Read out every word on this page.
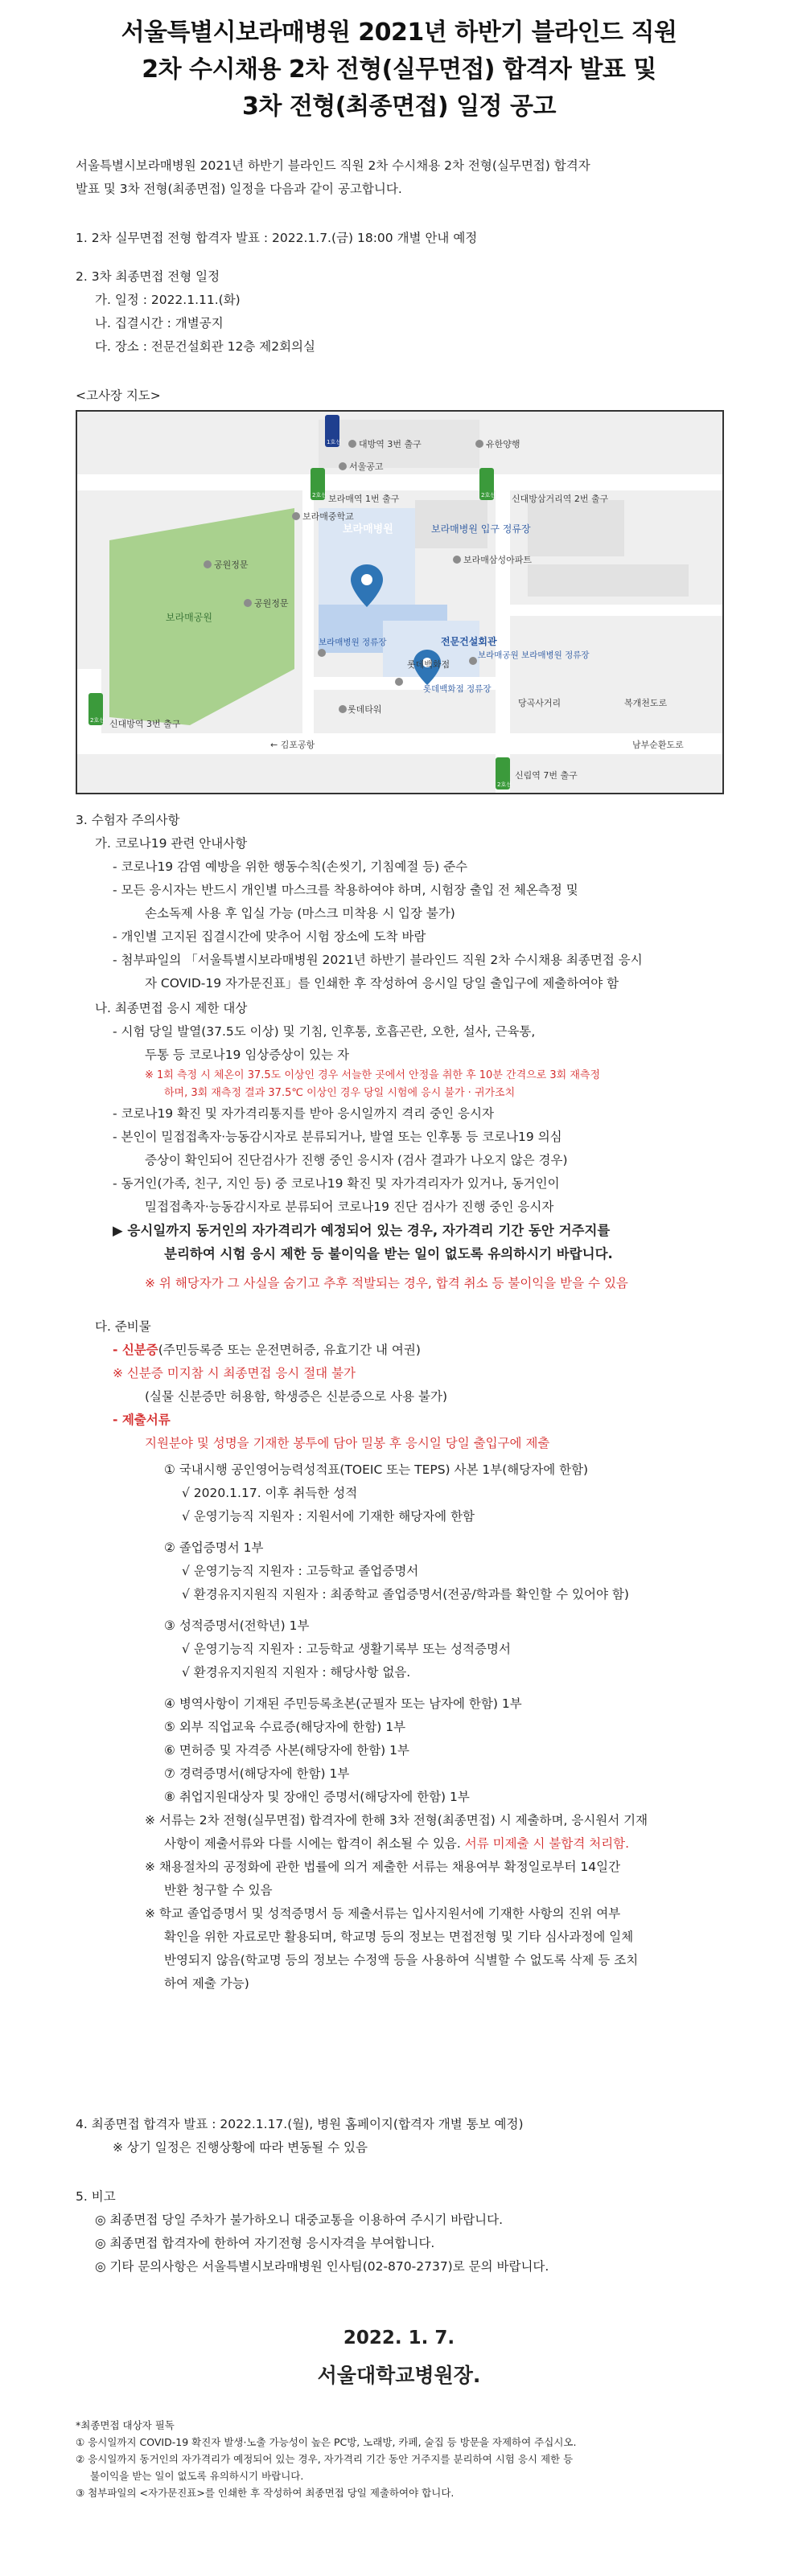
서울특별시보라매병원 2021년 하반기 블라인드 직원
2차 수시채용 2차 전형(실무면접) 합격자 발표 및
3차 전형(최종면접) 일정 공고
서울특별시보라매병원 2021년 하반기 블라인드 직원 2차 수시채용 2차 전형(실무면접) 합격자
발표 및 3차 전형(최종면접) 일정을 다음과 같이 공고합니다.
1. 2차 실무면접 전형 합격자 발표 : 2022.1.7.(금) 18:00 개별 안내 예정
2. 3차 최종면접 전형 일정
가. 일정 : 2022.1.11.(화)
나. 집결시간 : 개별공지
다. 장소 : 전문건설회관 12층 제2회의실
<고사장 지도>
대방역 3번 출구	유한양행
서울공고
보라매역 1번 출구	신대방삼거리역 2번 출구
보라매중학교
보라매병원 입구 정류장
보라매삼성아파트
공원정문
보라매공원
공원정문
보라매병원
전문건설회관
보라매병원 정류장
보라매공원 보라매병원 정류장
롯데백화점
롯데백화점 정류장
롯데타워
당곡사거리	복개천도로
신대방역 3번 출구
← 김포공항	남부순환도로
신림역 7번 출구
1호선
2호선	2호선
2호선
2호선
3. 수험자 주의사항
가. 코로나19 관련 안내사항
- 코로나19 감염 예방을 위한 행동수칙(손씻기, 기침예절 등) 준수
- 모든 응시자는 반드시 개인별 마스크를 착용하여야 하며, 시험장 출입 전 체온측정 및
손소독제 사용 후 입실 가능 (마스크 미착용 시 입장 불가)
- 개인별 고지된 집결시간에 맞추어 시험 장소에 도착 바람
- 첨부파일의 「서울특별시보라매병원 2021년 하반기 블라인드 직원 2차 수시채용 최종면접 응시
자 COVID-19 자가문진표」를 인쇄한 후 작성하여 응시일 당일 출입구에 제출하여야 함
나. 최종면접 응시 제한 대상
- 시험 당일 발열(37.5도 이상) 및 기침, 인후통, 호흡곤란, 오한, 설사, 근육통,
두통 등 코로나19 임상증상이 있는 자
※ 1회 측정 시 체온이 37.5도 이상인 경우 서늘한 곳에서 안정을 취한 후 10분 간격으로 3회 재측정
하며, 3회 재측정 결과 37.5℃ 이상인 경우 당일 시험에 응시 불가 · 귀가조치
- 코로나19 확진 및 자가격리통지를 받아 응시일까지 격리 중인 응시자
- 본인이 밀접접촉자·능동감시자로 분류되거나, 발열 또는 인후통 등 코로나19 의심
증상이 확인되어 진단검사가 진행 중인 응시자 (검사 결과가 나오지 않은 경우)
- 동거인(가족, 친구, 지인 등) 중 코로나19 확진 및 자가격리자가 있거나, 동거인이
밀접접촉자·능동감시자로 분류되어 코로나19 진단 검사가 진행 중인 응시자
▶ 응시일까지 동거인의 자가격리가 예정되어 있는 경우, 자가격리 기간 동안 거주지를
분리하여 시험 응시 제한 등 불이익을 받는 일이 없도록 유의하시기 바랍니다.
※ 위 해당자가 그 사실을 숨기고 추후 적발되는 경우, 합격 취소 등 불이익을 받을 수 있음
다. 준비물
- 신분증(주민등록증 또는 운전면허증, 유효기간 내 여권)
※ 신분증 미지참 시 최종면접 응시 절대 불가
(실물 신분증만 허용함, 학생증은 신분증으로 사용 불가)
- 제출서류
지원분야 및 성명을 기재한 봉투에 담아 밀봉 후 응시일 당일 출입구에 제출
① 국내시행 공인영어능력성적표(TOEIC 또는 TEPS) 사본 1부(해당자에 한함)
√ 2020.1.17. 이후 취득한 성적
√ 운영기능직 지원자 : 지원서에 기재한 해당자에 한함
② 졸업증명서 1부
√ 운영기능직 지원자 : 고등학교 졸업증명서
√ 환경유지지원직 지원자 : 최종학교 졸업증명서(전공/학과를 확인할 수 있어야 함)
③ 성적증명서(전학년) 1부
√ 운영기능직 지원자 : 고등학교 생활기록부 또는 성적증명서
√ 환경유지지원직 지원자 : 해당사항 없음.
④ 병역사항이 기재된 주민등록초본(군필자 또는 남자에 한함) 1부
⑤ 외부 직업교육 수료증(해당자에 한함) 1부
⑥ 면허증 및 자격증 사본(해당자에 한함) 1부
⑦ 경력증명서(해당자에 한함) 1부
⑧ 취업지원대상자 및 장애인 증명서(해당자에 한함) 1부
※ 서류는 2차 전형(실무면접) 합격자에 한해 3차 전형(최종면접) 시 제출하며, 응시원서 기재
사항이 제출서류와 다를 시에는 합격이 취소될 수 있음. 서류 미제출 시 불합격 처리함.
※ 채용절차의 공정화에 관한 법률에 의거 제출한 서류는 채용여부 확정일로부터 14일간
반환 청구할 수 있음
※ 학교 졸업증명서 및 성적증명서 등 제출서류는 입사지원서에 기재한 사항의 진위 여부
확인을 위한 자료로만 활용되며, 학교명 등의 정보는 면접전형 및 기타 심사과정에 일체
반영되지 않음(학교명 등의 정보는 수정액 등을 사용하여 식별할 수 없도록 삭제 등 조치
하여 제출 가능)
4. 최종면접 합격자 발표 : 2022.1.17.(월), 병원 홈페이지(합격자 개별 통보 예정)
※ 상기 일정은 진행상황에 따라 변동될 수 있음
5. 비고
◎ 최종면접 당일 주차가 불가하오니 대중교통을 이용하여 주시기 바랍니다.
◎ 최종면접 합격자에 한하여 자기전형 응시자격을 부여합니다.
◎ 기타 문의사항은 서울특별시보라매병원 인사팀(02-870-2737)로 문의 바랍니다.
2022. 1. 7.
서울대학교병원장.
*최종면접 대상자 필독
① 응시일까지 COVID-19 확진자 발생·노출 가능성이 높은 PC방, 노래방, 카페, 술집 등 방문을 자제하여 주십시오.
② 응시일까지 동거인의 자가격리가 예정되어 있는 경우, 자가격리 기간 동안 거주지를 분리하여 시험 응시 제한 등
불이익을 받는 일이 없도록 유의하시기 바랍니다.
③ 첨부파일의 <자가문진표>를 인쇄한 후 작성하여 최종면접 당일 제출하여야 합니다.
